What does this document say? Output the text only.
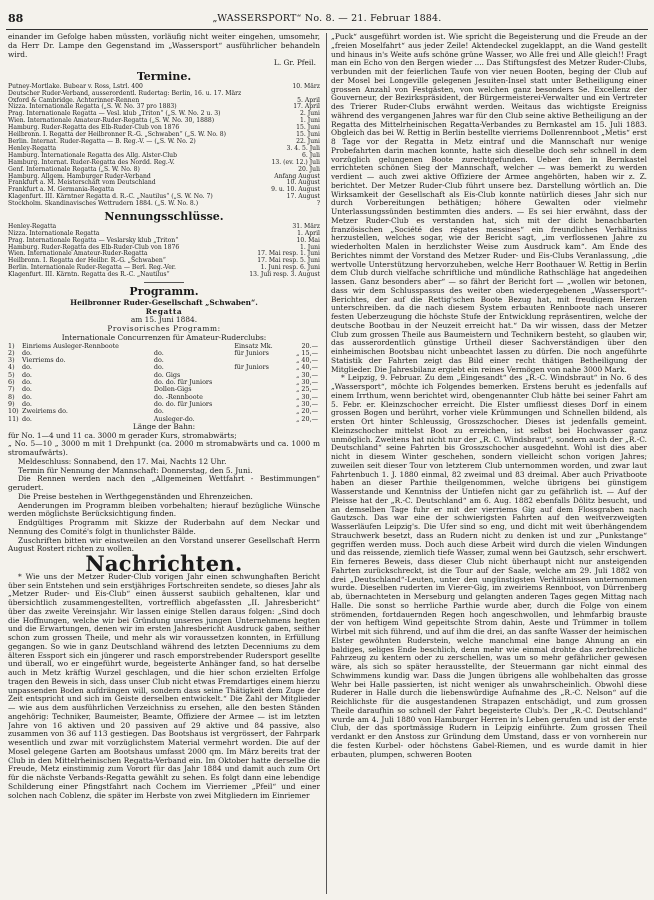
88	„WASSERSPORT“ No. 8. — 21. Februar 1884.

einander im Gefolge haben müssten, vorläufig nicht weiter eingehen, umsomehr, da Herr Dr. Lampe den Gegenstand im „Wassersport“ ausführlicher behandeln wird.

L. Gr. Pfeil.
Termine.
Putney-Mortlake. Bubear v. Ross, Lstrl. 400	10. März
Deutscher Ruder-Verband, ausserordentl. Rudertag: Berlin, 16. u. 17. März	
Oxford & Cambridge. Achterinner-Rennen	5. April
Nizza. Internationale Regatta („S. W. No. 37 pro 1883)	17. April
Prag. Internationale Regatta — Vesl. klub „Triton“ („S. W. No. 2 u. 3)	2. Juni
Wien. Internationale Amateur-Ruder-Regatta („S. W. No. 30, 1888)	1. Juni
Hamburg. Ruder-Regatta des Elb-Ruder-Club von 1876	15. Juni
Heilbronn. I. Regatta der Heilbronner R.-G. „Schwaben“ („S. W. No. 8)	15. Juni
Berlin. Internat. Ruder-Regatta — B. Reg.-V. — („S. W. No. 2)	22. Juni
Henley-Regatta	3. 4. 5. Juli
Hamburg. Internationale Regatta des Allg. Alster-Club	6. Juli
Hamburg. Internat. Ruder-Regatta des Nordd. Reg.-V.	13. (ev. 12.) Juli
Genf. Internationale Regatta („S. W. No. 8)	20. Juli
Hamburg. Allgem. Hamburger Ruder-Verband	Anfang August
Frankfurt a. M. Meisterschaft vom Deutschland	10. August
Frankfurt a. M. Germania-Regatta	9. u. 10. August
Klagenfurt. III. Kärntner Regatta d. R.-C. „Nautilus“ („S. W. No. 7)	17. August
Stockholm. Skandinavisches Wettrudern 1884. („S. W. No. 8.)	?
Nennungsschlüsse.
Henley-Regatta	31. März
Nizza. Internationale Regatta	1. April
Prag. Internationale Regatta — Veslarsky klub „Triton“	10. Mai
Hamburg. Ruder-Regatta des Elb-Ruder-Club von 1876	1. Juni
Wien. Internationale Amateur-Ruder-Regatta	17. Mai resp. 1. Juni
Heilbronn. I. Regatta der Heilbr. R.-G. „Schwaben“	17. Mai resp. 5. Juni
Berlin. Internationale Ruder-Regatta — Berl. Reg.-Ver.	1. Juni resp. 6. Juni
Klagenfurt. III. Kärntn. Regatta des R.-C. „Nautilus“	13. Juli resp. 3. August
Programm.
Heilbronner Ruder-Gesellschaft „Schwaben“.
Regatta
am 15. Juni 1884.
Provisorisches Programm:
Internationale Concurrenzen für Amateur-Ruderclubs:
1)	Einriems Ausleger-Rennboote		Einsatz Mk.	20.—
2)	do.	do.	für Juniors	„ 15,—
3)	Vierriems do.	do.		„ 40,—
4)	do.	do.	für Juniors	„ 40,—
5)	do.	do. Gigs		„ 30,—
6)	do.	do. do. für Juniors		„ 30,—
7)	do.	Dollen-Gigs		„ 25,—
8)	do.	do. -Rennboote		„ 30,—
9)	do.	do. do. für Juniors		„ 30,—
10)	Zweiriems do.	do.		„ 20,—
11)	do.	Ausleger-do.		„ 20,—
Länge der Bahn:

für No. 1—4 und 11 ca. 3000 m gerader Kurs, stromabwärts;

„ No. 5—10 „ 3000 m mit 1 Drehpunkt (ca. 2000 m stromabwärts und ca. 1000 m stromaufwärts).

Meldeschluss: Sonnabend, den 17. Mai, Nachts 12 Uhr.

Termin für Nennung der Mannschaft: Donnerstag, den 5. Juni.

Die Rennen werden nach den „Allgemeinen Wettfahrt - Bestimmungen“ gerudert.

Die Preise bestehen in Werthgegenständen und Ehrenzeichen.

Aenderungen im Programm bleiben vorbehalten; hierauf bezügliche Wünsche werden möglichste Berücksichtigung finden.

Endgültiges Programm mit Skizze der Ruderbahn auf dem Neckar und Nennung des Comité's folgt in thunlichster Bälde.

Zuschriften bitten wir einstweilen an den Vorstand unserer Gesellschaft Herrn August Rostert richten zu wollen.

Nachrichten.

* Wie uns der Metzer Ruder-Club vorigen Jahr einen schwunghaften Bericht über sein Entstehen und sein erstjähriges Fortschreiten sendete, so dieses Jahr als „Metzer Ruder- und Eis-Club“ einen äusserst saubiich gehaltenen, klar und übersichtlich zusammengestellten, vortrefflich abgefassten „II. Jahresbericht“ über das zweite Vereinsjahr. Wir lassen einige Stellen daraus folgen: „Sind doch die Hoffnungen, welche wir bei Gründung unseres jungen Unternehmens hegten und die Erwartungen, denen wir im ersten Jahresbericht Ausdruck gaben, seither schon zum grossen Theile, und mehr als wir voraussetzen konnten, in Erfüllung gegangen. So wie in ganz Deutschland während des letzten Decenniums zu dem älteren Essport sich ein jüngerer und rasch emporstrebender Rudersport gesellte und überall, wo er eingeführt wurde, begeisterte Anhänger fand, so hat derselbe auch in Metz kräftig Wurzel geschlagen, und die hier schon erzielten Erfolge tragen den Beweis in sich, dass unser Club nicht etwas Fremdartiges einem hierzu unpassenden Boden aufdrängen will, sondern dass seine Thätigkeit dem Zuge der Zeit entspricht und sich im Geiste derselben entwickelt.“ Die Zahl der Mitglieder — wie aus dem ausführlichen Verzeichniss zu ersehen, alle den besten Ständen angehörig: Techniker, Baumeister, Beamte, Offiziere der Armee — ist im letzten Jahre von 16 aktiven und 20 passiven auf 29 aktive und 84 passive, also zusammen von 36 auf 113 gestiegen. Das Bootshaus ist vergrössert, der Fahrpark wesentlich und zwar mit vorzüglichstem Material vermehrt worden. Die auf der Mosel gelegene Garten am Bootshaus umfasst 2000 qm. Im März bereits trat der Club in den Mittelrheinischen Regatta-Verband ein. Im Oktober hatte derselbe die Freude, Metz einstimmig zum Vorort für das Jahr 1884 und damit auch zum Ort für die nächste Verbands-Regatta gewählt zu sehen. Es folgt dann eine lebendige Schilderung einer Pfingstfahrt nach Cochem im Vierriemer „Pfeil“ und einer solchen nach Coblenz, die später im Herbste von zwei Mitgliedern im Einriemer

„Puck“ ausgeführt worden ist. Wie spricht die Begeisterung und die Freude an der „freien Moselfahrt“ aus jeder Zeile! Aktendeckel zugeklappt, an die Wand gestellt und hinaus in's Weite aufs schöne grüne Wasser, wo Alle frei und Alle gleich!! Fragt man ein Echo von den Bergen wieder .... Das Stiftungsfest des Metzer Ruder-Clubs, verbunden mit der feierlichen Taufe von vier neuen Booten, beging der Club auf der Mosel bei Longeville gelegenen Jesuiten-Insel statt unter Betheiligung einer grossen Anzahl von Festgästen, von welchen ganz besonders Se. Excellenz der Gouverneur, der Bezirkspräsident, der Bürgermeisterei-Verwalter und ein Vertreter des Trierer Ruder-Clubs erwähnt werden. Weitaus das wichtigste Ereigniss während des vergangenen Jahres war für den Club seine aktive Betheiligung an der Regatta des Mittelrheinischen Regatta-Verbandes zu Bernkastel am 15. Juli 1883. Obgleich das bei W. Rettig in Berlin bestellte vierriems Dollenrennboot „Metis“ erst 8 Tage vor der Regatta in Metz eintraf und die Mannschaft nur wenige Probefahrten darin machen konnte, hatte sich dieselbe doch sehr schnell in dem vorzüglich gelungenen Boote zurechtgefunden. Ueber den in Bernkastel errichteten schönen Sieg der Mannschaft, welcher — was bemerkt zu werden verdient — auch zwei aktive Offiziere der Armee angehörten, haben wir z. Z. berichtet. Der Metzer Ruder-Club führt unsere bez. Darstellung wörtlich an. Die Wirksamkeit der Gesellschaft als Eis-Club konnte natürlich dieses Jahr sich nur durch Vorbereitungen bethätigen; höhere Gewalten oder vielmehr Unterlassungssünden bestimmten dies anders. — Es sei hier erwähnt, dass der Metzer Ruder-Club es verstanden hat, sich mit der dicht benachbarten französischen „Société des régates messines“ ein freundliches Verhältniss herzustellen, welches sogar, wie der Bericht sagt, „im verflossenen Jahre zu wiederholten Malen in herzlichster Weise zum Ausdruck kam“. Am Ende des Berichtes nimmt der Vorstand des Metzer Ruder- und Eis-Clubs Veranlassung, „die wertvolle Unterstützung hervorzuheben, welche Herr Boothauer W. Rettig in Berlin dem Club durch vielfache schriftliche und mündliche Rathschläge hat angedeihen lassen. Ganz besonders aber“ — so fährt der Bericht fort — „wollen wir betonen, dass wir dem Schlusspassus des weiter oben wiedergegebenen „Wassersport“-Berichtes, der auf die Rettig'schen Boote Bezug hat, mit freudigem Herzen unterschreiben. da die nach diesem System erbauten Rennboote nach unserer festen Ueberzeugung die höchste Stufe der Entwicklung repräsentiren, welche der deutsche Bootbau in der Neuzeit erreicht hat.“ Da wir wissen, dass der Metzer Club zum grossen Theile aus Baumeistern und Technikern besteht, so glauben wir, das ausserordentlich günstige Urtheil dieser Sachverständigen über den einheimischen Bootsbau nicht unbeachtet lassen zu dürfen. Die noch angeführte Statistik der Fahrten zeigt das Bild einer recht thätigen Betheiligung der Mitglieder. Die Jahresbilanz ergiebt ein reines Vermögen von nahe 3000 Mark.

* Leipzig, 9. Februar. Zu dem „Eingesandt“ des „R.-C. Windsbraut“ in No. 6 des „Wassersport“, möchte ich Folgendes bemerken. Erstens beruht es jedenfalls auf einem Irrthum, wenn berichtet wird, obengenannter Club hätte bei seiner Fahrt am 5. Febr. er. Kleinzschocher erreicht. Die Elster umfliesst dieses Dorf in einem grossen Bogen und berührt, vorher viele Krümmungen und Schnellen bildend, als ersten Ort hinter Schleussig, Grosszschocher. Dieses ist jedenfalls gemeint. Kleinzschocher mittelst Boot zu erreichen, ist selbst bei Hochwasser ganz unmöglich. Zweitens hat nicht nur der „R. C. Windsbraut“, sondern auch der „R.-C. Deutschland“ seine Fahrten bis Grosszschocher ausgedehnt. Wohl ist dies aber nicht in diesem Winter geschehen, sondern vielleicht schon vorigen Jahres; zuweilen seit dieser Tour von letzterem Club unternommen worden, und zwar laut Fahrtenbuch 1. J. 1880 einmal, 82 zweimal und 83 dreimal. Aber auch Privatboote haben an dieser Parthie theilgenommen, welche übrigens bei günstigem Wasserstande und Kenntniss der Untiefen nicht gar zu gefährlich ist. — Auf der Pleisse hat der „R.-C. Deutschland“ am 6. Aug. 1882 ebenfalls Dölitz besucht, und an demselben Tage fuhr er mit der vierriems Gig auf dem Flossgraben nach Gautzsch. Das war eine der schwierigsten Fahrten auf den weitverzweigten Wasserläufen Leipzig's. Die Ufer sind so eng, und dicht mit weit überhängendem Strauchwerk besetzt, dass an Rudern nicht zu denken ist und zur „Punkstange“ gegriffen werden muss. Doch auch diese Arbeit wird durch die vielen Windungen und das reissende, ziemlich tiefe Wasser, zumal wenn bei Gautzsch, sehr erschwert. Ein ferneres Beweis, dass dieser Club nicht überhaupt nicht nur ansteigenden Fahrten zurückschreckt, ist die Tour auf der Saale, welche am 29. Juli 1882 von drei „Deutschland“-Leuten, unter den ungünstigsten Verhältnissen unternommen wurde. Dieselben ruderten im Vierer-Gig, im zweiriems Rennboot, von Dürrenberg ab, übernachteten in Merseburg und gelangten anderen Tages gegen Mittag nach Halle. Die sonst so herrliche Parthie wurde aber, durch die Folge von einem strömenden, fortdauernden Regen hoch angeschwollen, und lehmfarbig brauste der von heftigem Wind gepeitschte Strom dahin, Aeste und Trümmer in tollem Wirbel mit sich führend, und auf ihm die drei, an das sanfte Wasser der heimischen Elster gewöhnten Ruderstein, welche manchmal eine bange Ahnung an ein baldiges, seliges Ende beschlich, denn mehr wie einmal drohte das zerbrechliche Fahrzeug zu kentern oder zu zerschellen, was um so mehr gefährlicher gewesen wäre, als sich so später herausstellte, der Steuermann gar nicht einmal des Schwimmens kundig war. Dass die Jungen übrigens alle wohlbehalten das grosse Wehr bei Halle passierten, ist nicht weniger als unwahrscheinlich. Obwohl diese Ruderer in Halle durch die liebenswürdige Aufnahme des „R.-C. Nelson“ auf die Reichlichste für die ausgestandenen Strapazen entschädigt, und zum grossen Theile daraufhin so schnell der Fahrt begeisterte Club's. Der „R.-C. Deutschland“ wurde am 4. Juli 1880 von Hamburger Herren in's Leben gerufen und ist der erste Club, der das sportmässige Rudern in Leipzig einführte. Zum grossen Theil verdankt er den Anstoss zur Gründung dem Umstand, dass er von vornherein nur die festen Kurbel- oder höchstens Gabel-Riemen, und es wurde damit in hier erbauten, plumpen, schweren Booten
